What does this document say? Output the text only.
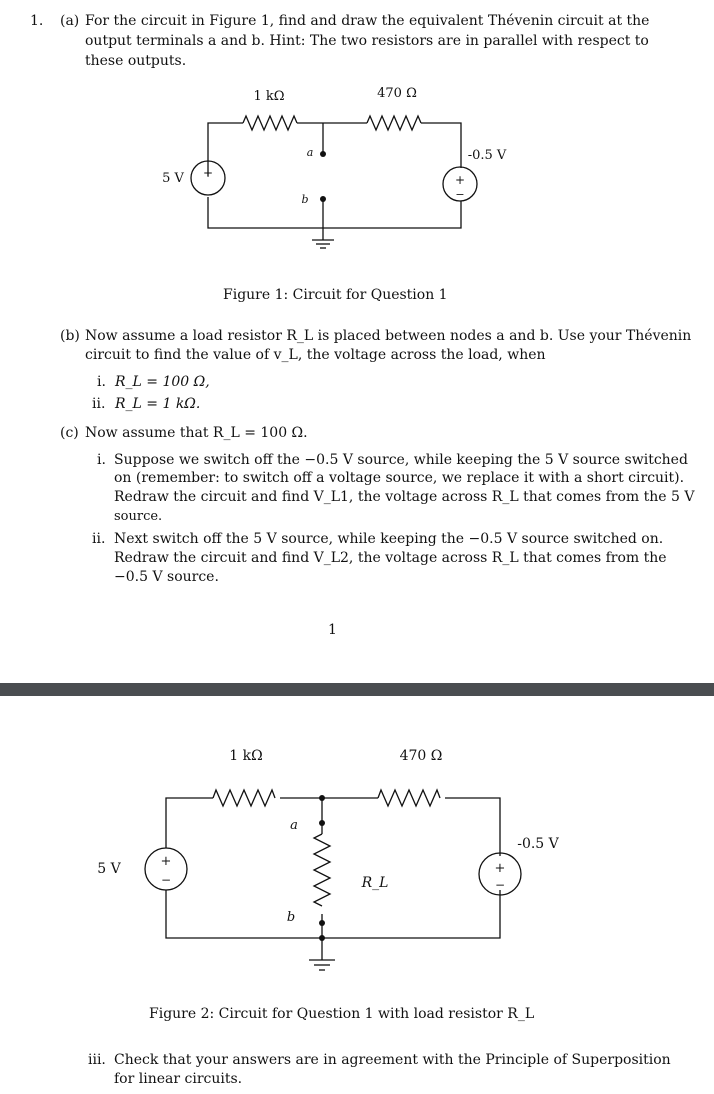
1. (a) For the circuit in Figure 1, find and draw the equivalent Thévenin circuit at the
output terminals a and b. Hint: The two resistors are in parallel with respect to
these outputs.
+	+
−
1 kΩ	470 Ω
a
b
5 V
-0.5 V
Figure 1: Circuit for Question 1
(b) Now assume a load resistor R_L is placed between nodes a and b. Use your Thévenin
circuit to find the value of v_L, the voltage across the load, when
i. R_L = 100 Ω,
ii. R_L = 1 kΩ.
(c) Now assume that R_L = 100 Ω.
i. Suppose we switch off the −0.5 V source, while keeping the 5 V source switched
on (remember: to switch off a voltage source, we replace it with a short circuit).
Redraw the circuit and find V_L1, the voltage across R_L that comes from the 5 V
source.
ii. Next switch off the 5 V source, while keeping the −0.5 V source switched on.
Redraw the circuit and find V_L2, the voltage across R_L that comes from the
−0.5 V source.
1
+
−
+
−
1 kΩ	470 Ω
a
b
R_L
5 V
-0.5 V
Figure 2: Circuit for Question 1 with load resistor R_L
iii. Check that your answers are in agreement with the Principle of Superposition
for linear circuits.
